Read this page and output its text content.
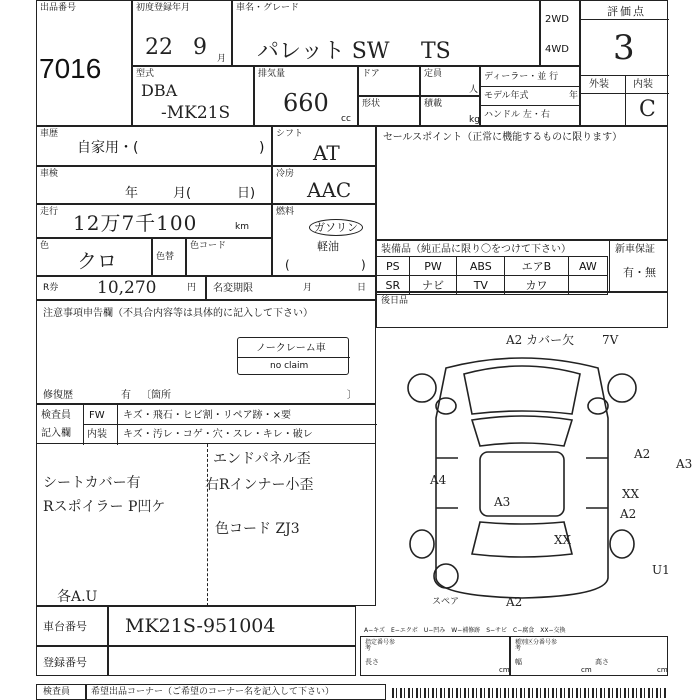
出品番号
7016
初度登録年月
22 9 月
車名・グレード
パレット SW TS
2WD
4WD
評価点
3
外装 内装
C
型式
DBA
-MK21S
排気量
660
cc
ドア	定員
人
形状	積載
kg
ディーラー・並 行
モデル年式	年
ハンドル 左・右
車歴
自家用・(	)
シフト
AT
車検
年	月(	日)
冷房
AAC
走行 12万7千100	km
燃料
ガソリン
軽油
(	)
色
クロ	色替
色コード
R券 10,270	円 名変期限	月	日
セールスポイント（正常に機能するものに限ります）
装備品（純正品に限り〇をつけて下さい）	新車保証
有・無
PS	PW	ABS	エアB	AW
SR	ナビ	TV	カワ	
後日品
注意事項申告欄（不具合内容等は具体的に記入して下さい）
ノークレーム車
no claim
修復歴	有 〔箇所	〕
検査員
記入欄
FW キズ・飛石・ヒビ割・リペア跡・×要
内装 キズ・汚レ・コゲ・穴・スレ・キレ・破レ
シートカバー有
Rスポイラー P凹ケ
エンドパネル歪
右Rインナー小歪
色コード ZJ3
各A.U
A2 カバー欠 7V
A4
A3
A2
A3
XX
A2
XX
U1
A2
スペア
車台番号 MK21S-951004
登録番号
A−キズ　E−エクボ　U−凹み　W−補修跡　S−サビ　C−腐食　XX−交換
指定番号参考
長さ
cm
種別区分番号参考
幅
cm
高さ
cm
検査員 希望出品コーナー（ご希望のコーナー名を記入して下さい）
